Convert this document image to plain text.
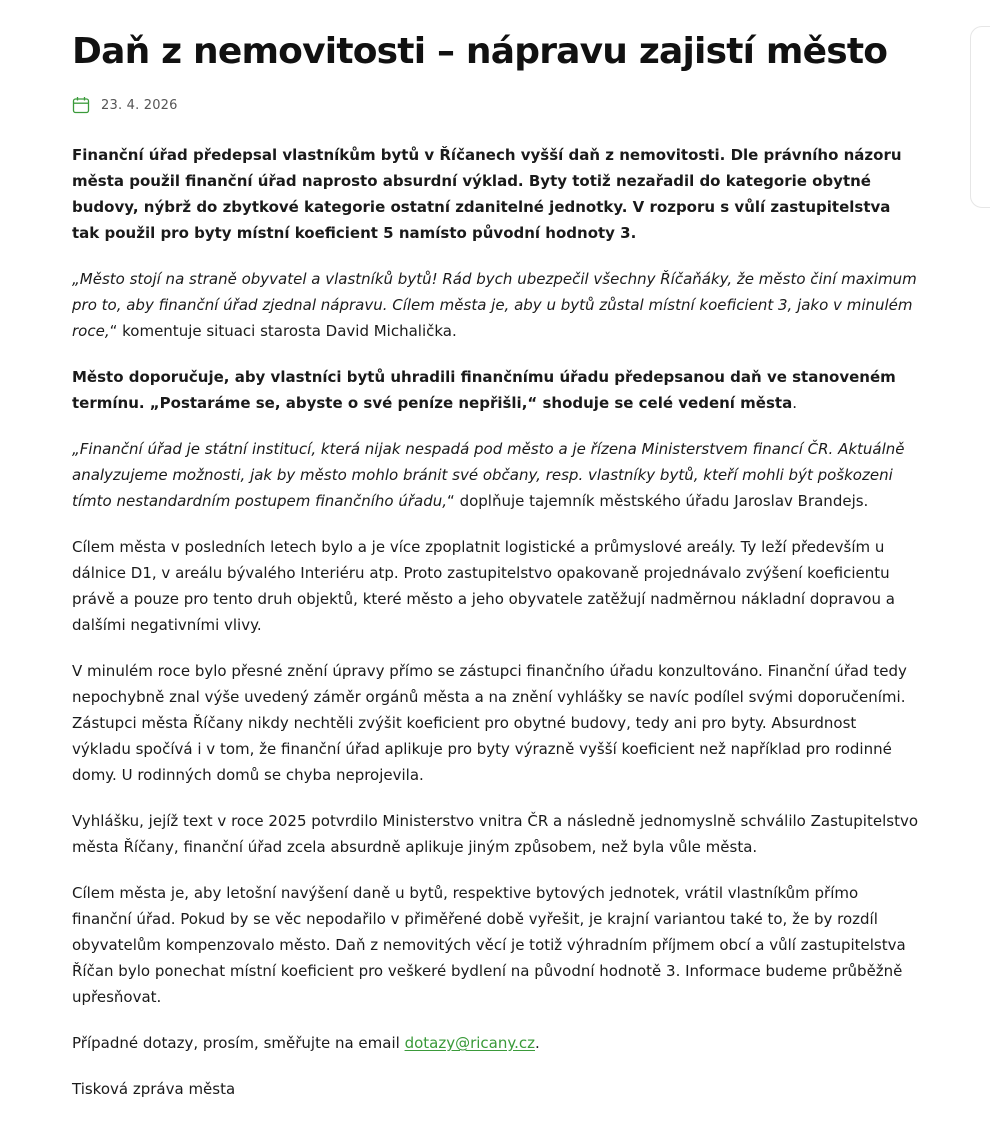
Daň z nemovitosti – nápravu zajistí město
23. 4. 2026

Finanční úřad předepsal vlastníkům bytů v Říčanech vyšší daň z nemovitosti. Dle právního názoru města použil finanční úřad naprosto absurdní výklad. Byty totiž nezařadil do kategorie obytné budovy, nýbrž do zbytkové kategorie ostatní zdanitelné jednotky. V rozporu s vůlí zastupitelstva tak použil pro byty místní koeficient 5 namísto původní hodnoty 3.

„Město stojí na straně obyvatel a vlastníků bytů! Rád bych ubezpečil všechny Říčaňáky, že město činí maximum pro to, aby finanční úřad zjednal nápravu. Cílem města je, aby u bytů zůstal místní koeficient 3, jako v minulém roce,“ komentuje situaci starosta David Michalička.

Město doporučuje, aby vlastníci bytů uhradili finančnímu úřadu předepsanou daň ve stanoveném termínu. „Postaráme se, abyste o své peníze nepřišli,“ shoduje se celé vedení města.

„Finanční úřad je státní institucí, která nijak nespadá pod město a je řízena Ministerstvem financí ČR. Aktuálně analyzujeme možnosti, jak by město mohlo bránit své občany, resp. vlastníky bytů, kteří mohli být poškozeni tímto nestandardním postupem finančního úřadu,“ doplňuje tajemník městského úřadu Jaroslav Brandejs.

Cílem města v posledních letech bylo a je více zpoplatnit logistické a průmyslové areály. Ty leží především u dálnice D1, v areálu bývalého Interiéru atp. Proto zastupitelstvo opakovaně projednávalo zvýšení koeficientu právě a pouze pro tento druh objektů, které město a jeho obyvatele zatěžují nadměrnou nákladní dopravou a dalšími negativními vlivy.

V minulém roce bylo přesné znění úpravy přímo se zástupci finančního úřadu konzultováno. Finanční úřad tedy nepochybně znal výše uvedený záměr orgánů města a na znění vyhlášky se navíc podílel svými doporučeními. Zástupci města Říčany nikdy nechtěli zvýšit koeficient pro obytné budovy, tedy ani pro byty. Absurdnost výkladu spočívá i v tom, že finanční úřad aplikuje pro byty výrazně vyšší koeficient než například pro rodinné domy. U rodinných domů se chyba neprojevila.

Vyhlášku, jejíž text v roce 2025 potvrdilo Ministerstvo vnitra ČR a následně jednomyslně schválilo Zastupitelstvo města Říčany, finanční úřad zcela absurdně aplikuje jiným způsobem, než byla vůle města.

Cílem města je, aby letošní navýšení daně u bytů, respektive bytových jednotek, vrátil vlastníkům přímo finanční úřad. Pokud by se věc nepodařilo v přiměřené době vyřešit, je krajní variantou také to, že by rozdíl obyvatelům kompenzovalo město. Daň z nemovitých věcí je totiž výhradním příjmem obcí a vůlí zastupitelstva Říčan bylo ponechat místní koeficient pro veškeré bydlení na původní hodnotě 3. Informace budeme průběžně upřesňovat.

Případné dotazy, prosím, směřujte na email dotazy@ricany.cz.

Tisková zpráva města
